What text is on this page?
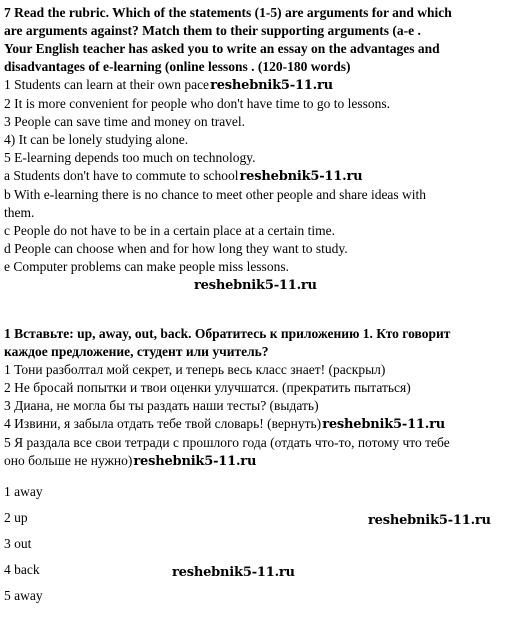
7 Read the rubric. Which of the statements (1-5) are arguments for and which

are arguments against? Match them to their supporting arguments (a-e .

Your English teacher has asked you to write an essay on the advantages and

disadvantages of e-learning (online lessons . (120-180 words)

1 Students can learn at their own pacereshebnik5-11.ru

2 It is more convenient for people who don't have time to go to lessons.

3 People can save time and money on travel.

4) It can be lonely studying alone.

5 E-learning depends too much on technology.

a Students don't have to commute to schoolreshebnik5-11.ru

b With e-learning there is no chance to meet other people and share ideas with

them.

c People do not have to be in a certain place at a certain time.

d People can choose when and for how long they want to study.

e Computer problems can make people miss lessons.

reshebnik5-11.ru

1 Вставьте: up, away, out, back. Обратитесь к приложению 1. Кто говорит

каждое предложение, студент или учитель?

1 Тони разболтал мой секрет, и теперь весь класс знает! (раскрыл)

2 Не бросай попытки и твои оценки улучшатся. (прекратить пытаться)

3 Диана, не могла бы ты раздать наши тесты? (выдать)

4 Извини, я забыла отдать тебе твой словарь! (вернуть)reshebnik5-11.ru

5 Я раздала все свои тетради с прошлого года (отдать что-то, потому что тебе

оно больше не нужно)reshebnik5-11.ru

1 away

2 up

3 out

4 back

5 away

reshebnik5-11.ru
reshebnik5-11.ru
